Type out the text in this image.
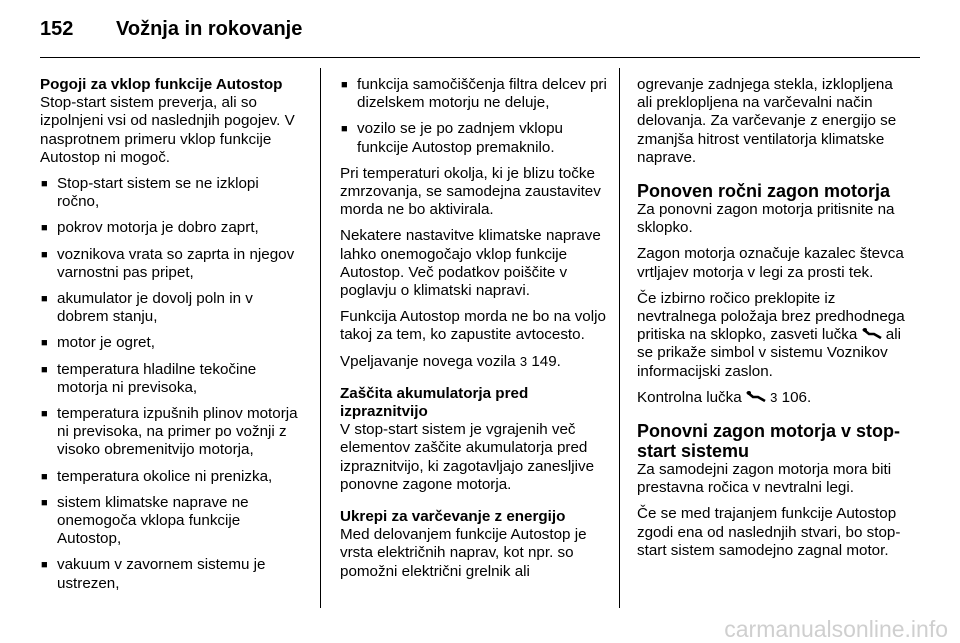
152 Vožnja in rokovanje
Pogoji za vklop funkcije Autostop

Stop-start sistem preverja, ali so izpolnjeni vsi od naslednjih pogojev. V nasprotnem primeru vklop funkcije Autostop ni mogoč.

■ Stop-start sistem se ne izklopi ročno,
■ pokrov motorja je dobro zaprt,
■ voznikova vrata so zaprta in njegov varnostni pas pripet,
■ akumulator je dovolj poln in v dobrem stanju,
■ motor je ogret,
■ temperatura hladilne tekočine motorja ni previsoka,
■ temperatura izpušnih plinov motorja ni previsoka, na primer po vožnji z visoko obremenitvijo motorja,
■ temperatura okolice ni prenizka,
■ sistem klimatske naprave ne onemogoča vklopa funkcije Autostop,
■ vakuum v zavornem sistemu je ustrezen,
■ funkcija samočiščenja filtra delcev pri dizelskem motorju ne deluje,
■ vozilo se je po zadnjem vklopu funkcije Autostop premaknilo.

Pri temperaturi okolja, ki je blizu točke zmrzovanja, se samodejna zaustavitev morda ne bo aktivirala.

Nekatere nastavitve klimatske naprave lahko onemogočajo vklop funkcije Autostop. Več podatkov poiščite v poglavju o klimatski napravi.

Funkcija Autostop morda ne bo na voljo takoj za tem, ko zapustite avtocesto.

Vpeljavanje novega vozila 3 149.

Zaščita akumulatorja pred izpraznitvijo

V stop-start sistem je vgrajenih več elementov zaščite akumulatorja pred izpraznitvijo, ki zagotavljajo zanesljive ponovne zagone motorja.

Ukrepi za varčevanje z energijo

Med delovanjem funkcije Autostop je vrsta električnih naprav, kot npr. so pomožni električni grelnik ali

ogrevanje zadnjega stekla, izklopljena ali preklopljena na varčevalni način delovanja. Za varčevanje z energijo se zmanjša hitrost ventilatorja klimatske naprave.

Ponoven ročni zagon motorja

Za ponovni zagon motorja pritisnite na sklopko.

Zagon motorja označuje kazalec števca vrtljajev motorja v legi za prosti tek.

Če izbirno ročico preklopite iz nevtralnega položaja brez predhodnega pritiska na sklopko, zasveti lučka ali se prikaže simbol v sistemu Voznikov informacijski zaslon.

Kontrolna lučka 3 106.

Ponovni zagon motorja v stop-start sistemu

Za samodejni zagon motorja mora biti prestavna ročica v nevtralni legi.

Če se med trajanjem funkcije Autostop zgodi ena od naslednjih stvari, bo stop-start sistem samodejno zagnal motor.

carmanualsonline.info
